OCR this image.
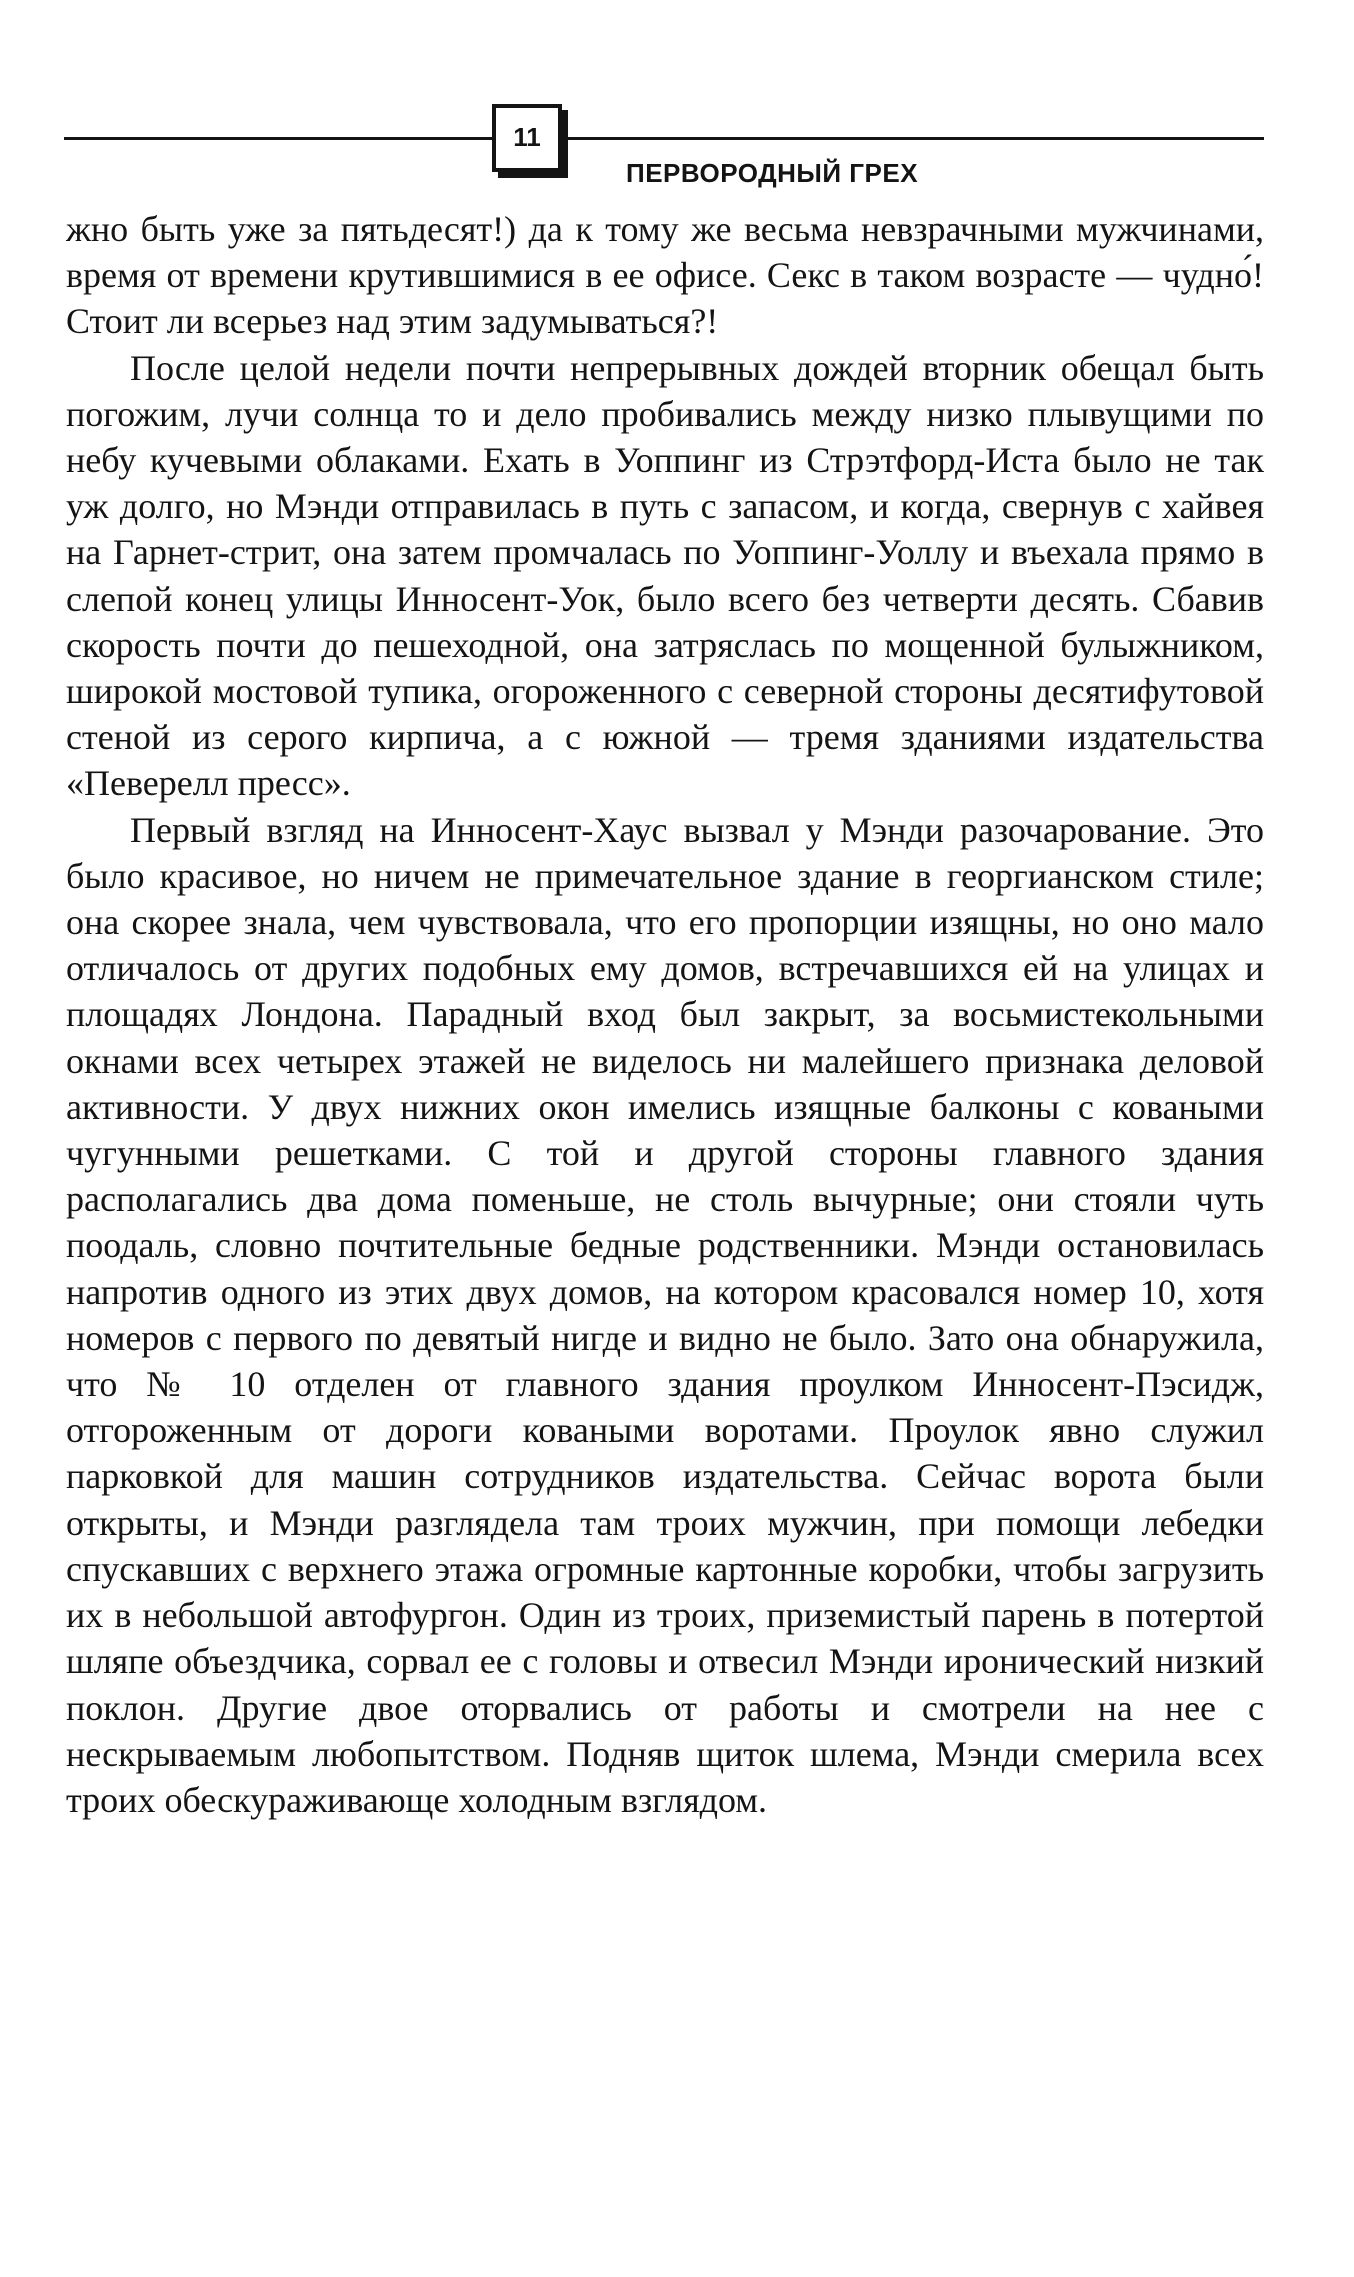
11
ПЕРВОРОДНЫЙ ГРЕХ

жно быть уже за пятьдесят!) да к тому же весьма невзрачными мужчинами, время от времени крутившимися в ее офисе. Секс в таком возрасте — чудно́! Стоит ли всерьез над этим задумываться?!

После целой недели почти непрерывных дождей вторник обещал быть погожим, лучи солнца то и дело пробивались между низко плывущими по небу кучевыми облаками. Ехать в Уоппинг из Стрэтфорд-Иста было не так уж долго, но Мэнди отправилась в путь с запасом, и когда, свернув с хайвея на Гарнет-стрит, она затем промчалась по Уоппинг-Уоллу и въехала прямо в слепой конец улицы Инносент-Уок, было всего без четверти десять. Сбавив скорость почти до пешеходной, она затряслась по мощенной булыжником, широкой мостовой тупика, огороженного с северной стороны десятифутовой стеной из серого кирпича, а с южной — тремя зданиями издательства «Певерелл пресс».

Первый взгляд на Инносент-Хаус вызвал у Мэнди разочарование. Это было красивое, но ничем не примечательное здание в георгианском стиле; она скорее знала, чем чувствовала, что его пропорции изящны, но оно мало отличалось от других подобных ему домов, встречавшихся ей на улицах и площадях Лондона. Парадный вход был закрыт, за восьмистекольными окнами всех четырех этажей не виделось ни малейшего признака деловой активности. У двух нижних окон имелись изящные балконы с коваными чугунными решетками. С той и другой стороны главного здания располагались два дома поменьше, не столь вычурные; они стояли чуть поодаль, словно почтительные бедные родственники. Мэнди остановилась напротив одного из этих двух домов, на котором красовался номер 10, хотя номеров с первого по девятый нигде и видно не было. Зато она обнаружила, что № 10 отделен от главного здания проулком Инносент-Пэсидж, отгороженным от дороги коваными воротами. Проулок явно служил парковкой для машин сотрудников издательства. Сейчас ворота были открыты, и Мэнди разглядела там троих мужчин, при помощи лебедки спускавших с верхнего этажа огромные картонные коробки, чтобы загрузить их в небольшой автофургон. Один из троих, приземистый парень в потертой шляпе объездчика, сорвал ее с головы и отвесил Мэнди иронический низкий поклон. Другие двое оторвались от работы и смотрели на нее с нескрываемым любопытством. Подняв щиток шлема, Мэнди смерила всех троих обескураживающе холодным взглядом.
